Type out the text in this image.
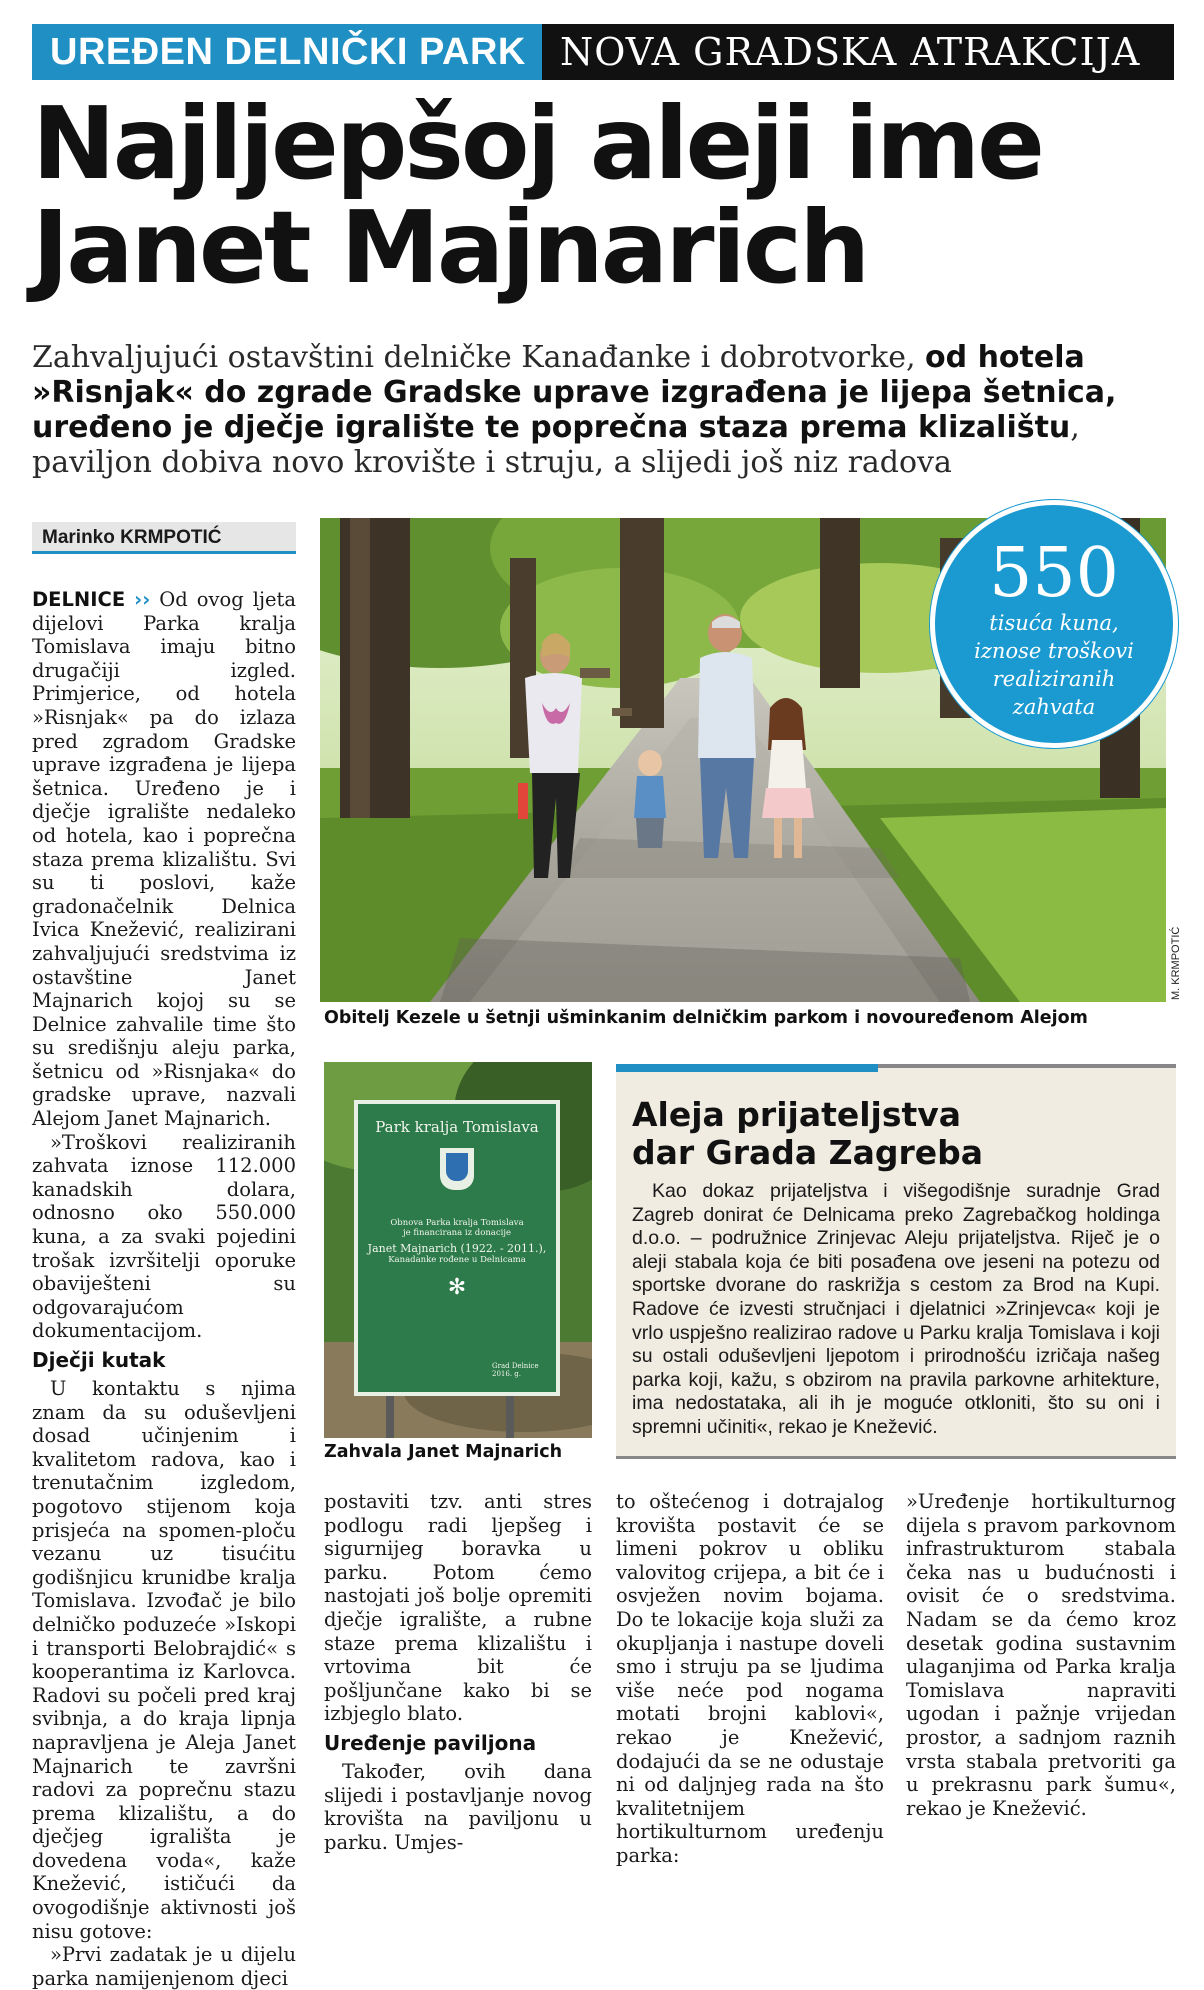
UREĐEN DELNIČKI PARK NOVA GRADSKA ATRAKCIJA
Najljepšoj aleji ime
Janet Majnarich
Zahvaljujući ostavštini delničke Kanađanke i dobrotvorke, od hotela »Risnjak« do zgrade Gradske uprave izgrađena je lijepa šetnica, uređeno je dječje igralište te poprečna staza prema klizalištu, paviljon dobiva novo krovište i struju, a slijedi još niz radova
Marinko KRMPOTIĆ

DELNICE ›› Od ovog ljeta dijelovi Parka kralja Tomislava imaju bitno drugačiji izgled. Primjerice, od hotela »Risnjak« pa do izlaza pred zgradom Gradske uprave izgrađena je lijepa šetnica. Uređeno je i dječje igralište nedaleko od hotela, kao i poprečna staza prema klizalištu. Svi su ti poslovi, kaže gradonačelnik Delnica Ivica Knežević, realizirani zahvaljujući sredstvima iz ostavštine Janet Majnarich kojoj su se Delnice zahvalile time što su središnju aleju parka, šetnicu od »Risnjaka« do gradske uprave, nazvali Alejom Janet Majnarich.

»Troškovi realiziranih zahvata iznose 112.000 kanadskih dolara, odnosno oko 550.000 kuna, a za svaki pojedini trošak izvršitelji oporuke obaviješteni su odgovarajućom dokumentacijom.

Dječji kutak

U kontaktu s njima znam da su oduševljeni dosad učinjenim i kvalitetom radova, kao i trenutačnim izgledom, pogotovo stijenom koja prisjeća na spomen-ploču vezanu uz tisućitu godišnjicu krunidbe kralja Tomislava. Izvođač je bilo delničko poduzeće »Iskopi i transporti Belobrajdić« s kooperantima iz Karlovca. Radovi su počeli pred kraj svibnja, a do kraja lipnja napravljena je Aleja Janet Majnarich te završni radovi za poprečnu stazu prema klizalištu, a do dječjeg igrališta je dovedena voda«, kaže Knežević, ističući da ovogodišnje aktivnosti još nisu gotove:

»Prvi zadatak je u dijelu parka namijenjenom djeci

M. KRMPOTIĆ
Obitelj Kezele u šetnji ušminkanim delničkim parkom i novouređenom Alejom
550
tisuća kuna, iznose troškovi realiziranih zahvata
Park kralja Tomislava
Obnova Parka kralja Tomislava
je financirana iz donacije
Janet Majnarich (1922. - 2011.),
Kanadanke rođene u Delnicama
✻
Grad Delnice 2016. g.
Zahvala Janet Majnarich
Aleja prijateljstva
dar Grada Zagreba

Kao dokaz prijateljstva i višegodišnje suradnje Grad Zagreb donirat će Delnicama preko Zagrebačkog holdinga d.o.o. – podružnice Zrinjevac Aleju prijateljstva. Riječ je o aleji stabala koja će biti posađena ove jeseni na potezu od sportske dvorane do raskrižja s cestom za Brod na Kupi. Radove će izvesti stručnjaci i djelatnici »Zrinjevca« koji je vrlo uspješno realizirao radove u Parku kralja Tomislava i koji su ostali oduševljeni ljepotom i prirodnošću izričaja našeg parka koji, kažu, s obzirom na pravila parkovne arhitekture, ima nedostataka, ali ih je moguće otkloniti, što su oni i spremni učiniti«, rekao je Knežević.

postaviti tzv. anti stres podlogu radi ljepšeg i sigurnijeg boravka u parku. Potom ćemo nastojati još bolje opremiti dječje igralište, a rubne staze prema klizalištu i vrtovima bit će pošljunčane kako bi se izbjeglo blato.

Uređenje paviljona

Također, ovih dana slijedi i postavljanje novog krovišta na paviljonu u parku. Umjes-

to oštećenog i dotrajalog krovišta postavit će se limeni pokrov u obliku valovitog crijepa, a bit će i osvježen novim bojama. Do te lokacije koja služi za okupljanja i nastupe doveli smo i struju pa se ljudima više neće pod nogama motati brojni kablovi«, rekao je Knežević, dodajući da se ne odustaje ni od daljnjeg rada na što kvalitetnijem hortikulturnom uređenju parka:

»Uređenje hortikulturnog dijela s pravom parkovnom infrastrukturom stabala čeka nas u budućnosti i ovisit će o sredstvima. Nadam se da ćemo kroz desetak godina sustavnim ulaganjima od Parka kralja Tomislava napraviti ugodan i pažnje vrijedan prostor, a sadnjom raznih vrsta stabala pretvoriti ga u prekrasnu park šumu«, rekao je Knežević.
